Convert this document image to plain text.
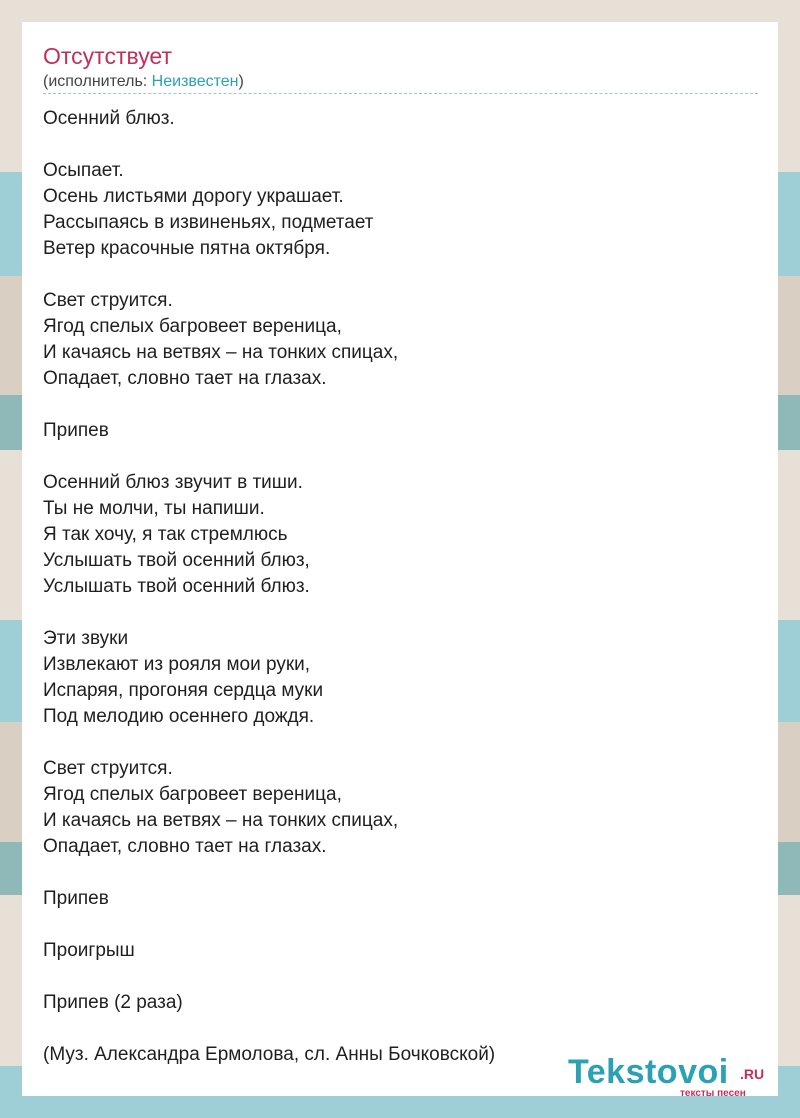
Отсутствует
(исполнитель: Неизвестен)
Осенний блюз.
Осыпает.
Осень листьями дорогу украшает.
Рассыпаясь в извиненьях, подметает
Ветер красочные пятна октября.
Свет струится.
Ягод спелых багровеет вереница,
И качаясь на ветвях – на тонких спицах,
Опадает, словно тает на глазах.
Припев
Осенний блюз звучит в тиши.
Ты не молчи, ты напиши.
Я так хочу, я так стремлюсь
Услышать твой осенний блюз,
Услышать твой осенний блюз.
Эти звуки
Извлекают из рояля мои руки,
Испаряя, прогоняя сердца муки
Под мелодию осеннего дождя.
Свет струится.
Ягод спелых багровеет вереница,
И качаясь на ветвях – на тонких спицах,
Опадает, словно тает на глазах.
Припев
Проигрыш
Припев (2 раза)
(Муз. Александра Ермолова, сл. Анны Бочковской)	Tekstovoi .RU
тексты песен
